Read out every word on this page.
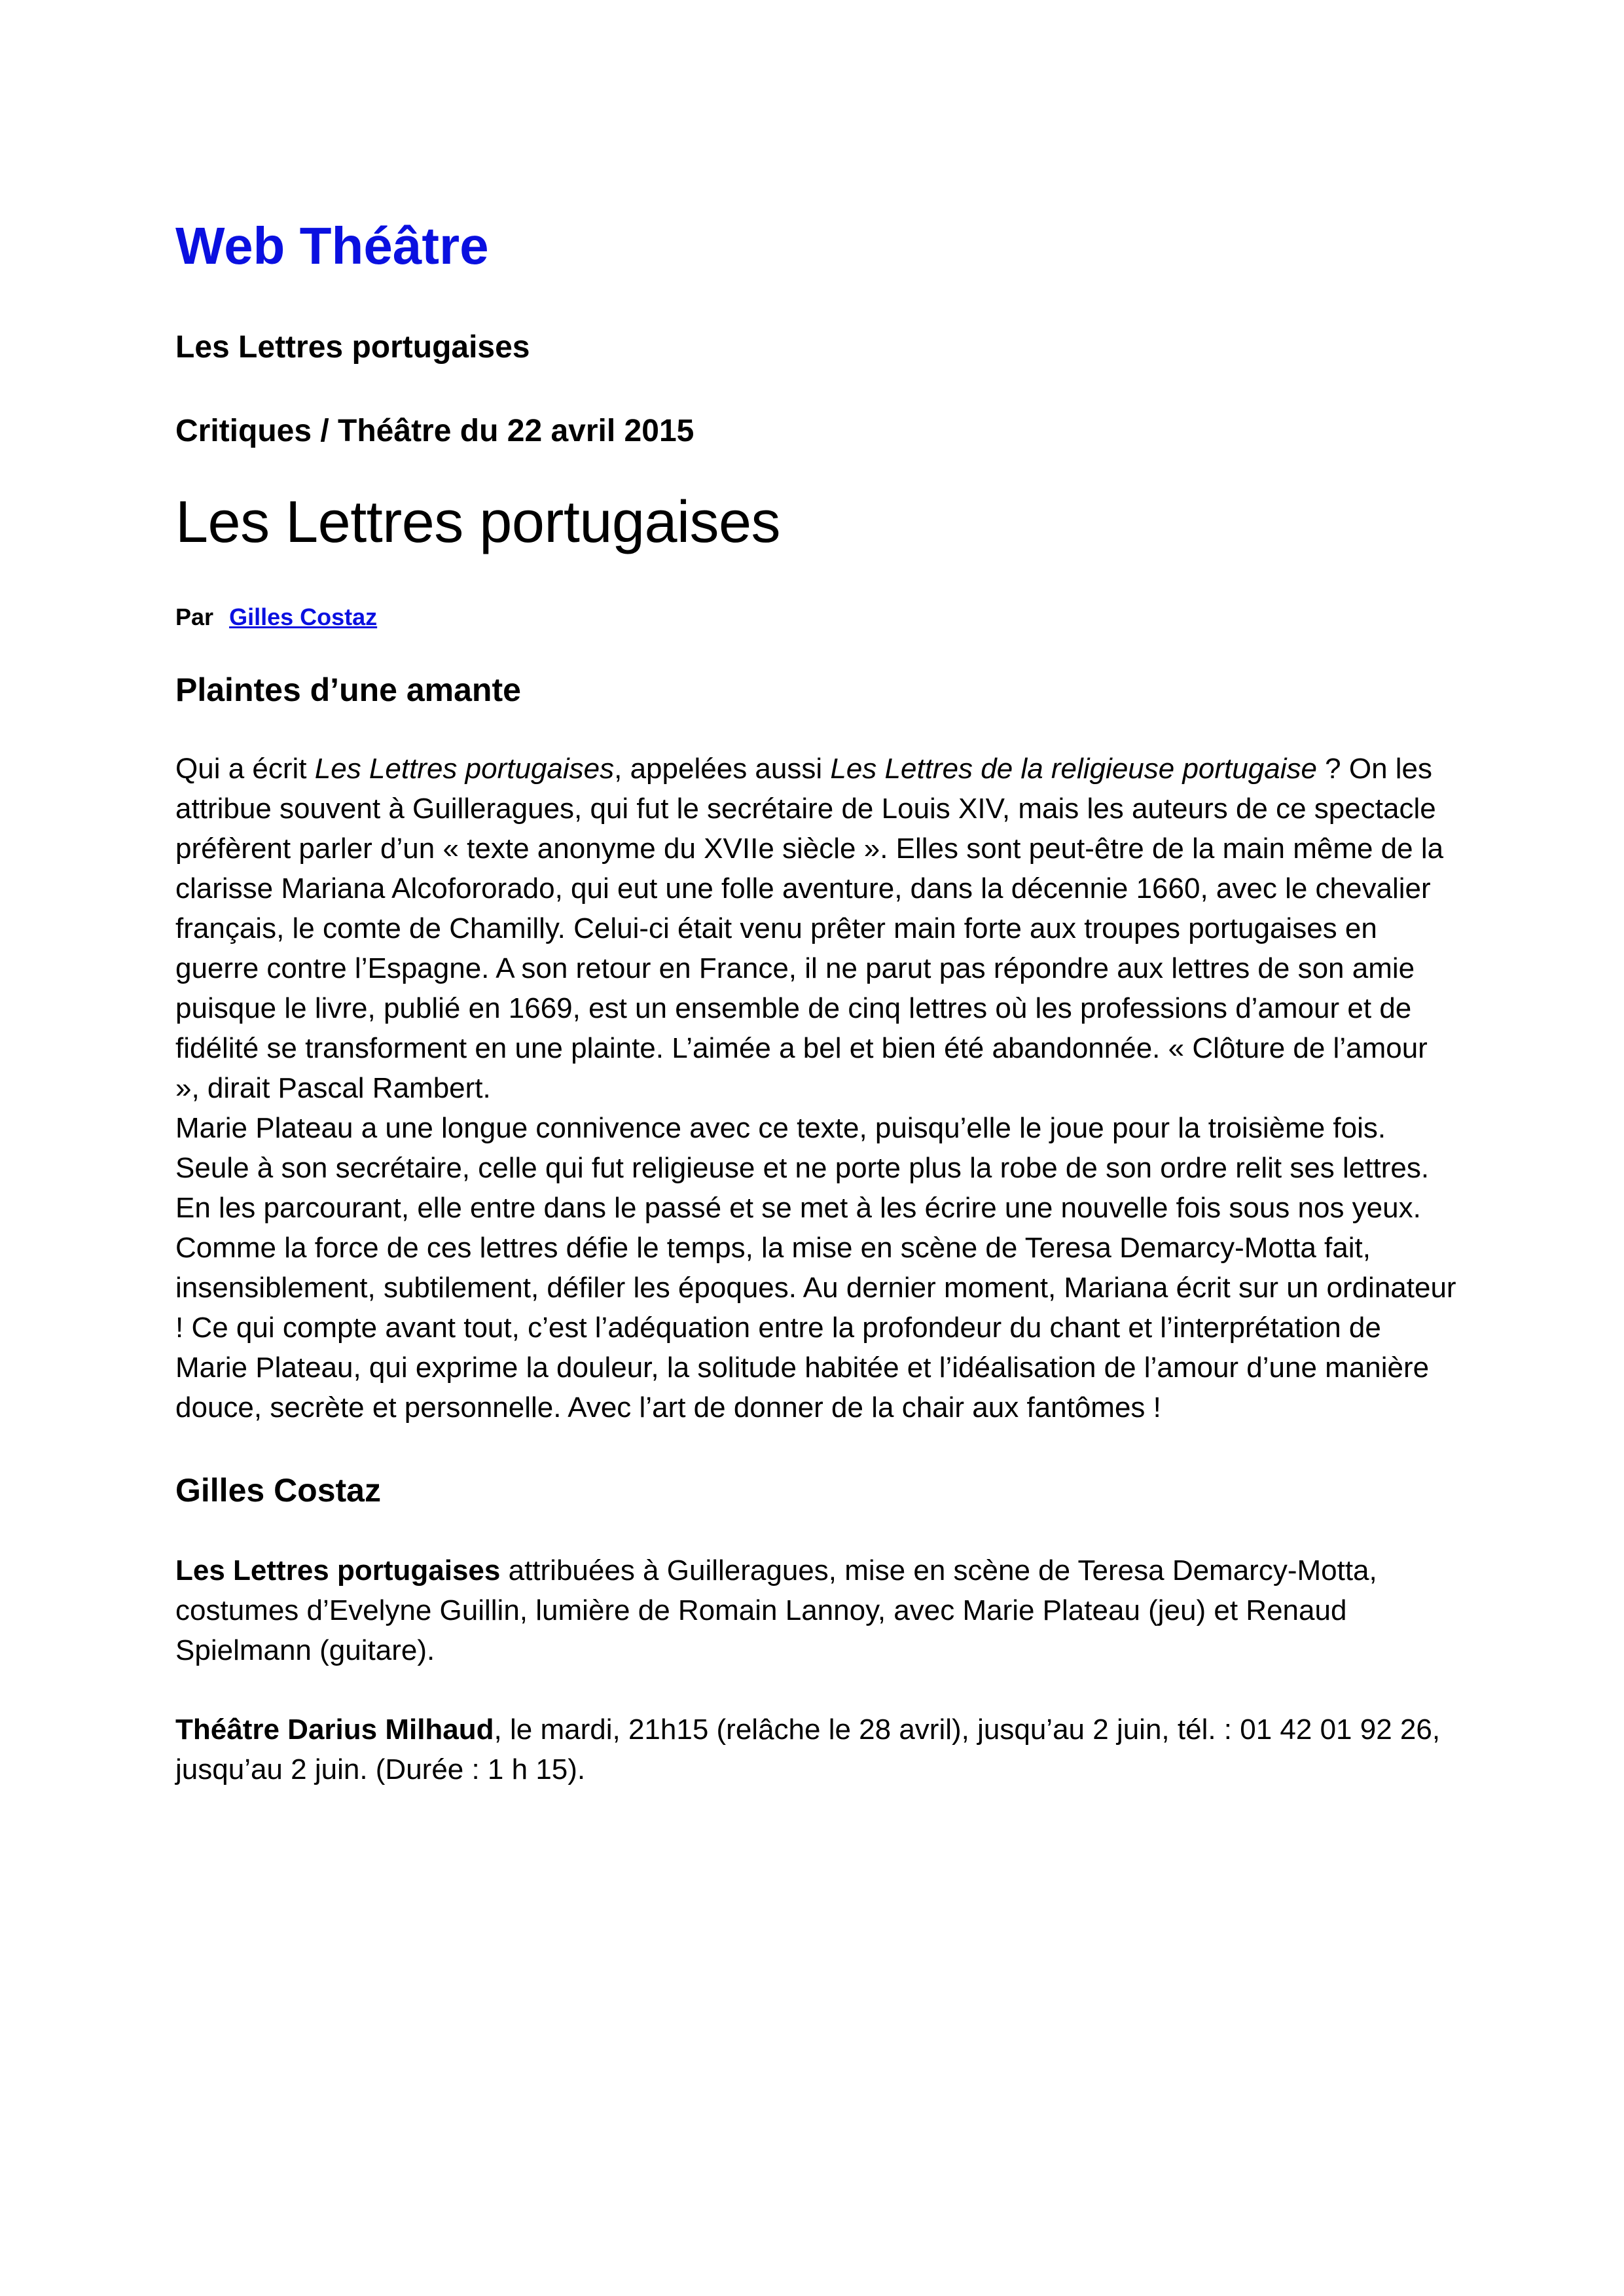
Web Théâtre
Les Lettres portugaises
Critiques / Théâtre du 22 avril 2015
Les Lettres portugaises
Par Gilles Costaz
Plaintes d’une amante

Qui a écrit Les Lettres portugaises, appelées aussi Les Lettres de la religieuse portugaise ? On les attribue souvent à Guilleragues, qui fut le secrétaire de Louis XIV, mais les auteurs de ce spectacle préfèrent parler d’un « texte anonyme du XVIIe siècle ». Elles sont peut-être de la main même de la clarisse Mariana Alcofororado, qui eut une folle aventure, dans la décennie 1660, avec le chevalier français, le comte de Chamilly. Celui-ci était venu prêter main forte aux troupes portugaises en guerre contre l’Espagne. A son retour en France, il ne parut pas répondre aux lettres de son amie puisque le livre, publié en 1669, est un ensemble de cinq lettres où les professions d’amour et de fidélité se transforment en une plainte. L’aimée a bel et bien été abandonnée. « Clôture de l’amour », dirait Pascal Rambert.

Marie Plateau a une longue connivence avec ce texte, puisqu’elle le joue pour la troisième fois. Seule à son secrétaire, celle qui fut religieuse et ne porte plus la robe de son ordre relit ses lettres. En les parcourant, elle entre dans le passé et se met à les écrire une nouvelle fois sous nos yeux. Comme la force de ces lettres défie le temps, la mise en scène de Teresa Demarcy-Motta fait, insensiblement, subtilement, défiler les époques. Au dernier moment, Mariana écrit sur un ordinateur ! Ce qui compte avant tout, c’est l’adéquation entre la profondeur du chant et l’interprétation de Marie Plateau, qui exprime la douleur, la solitude habitée et l’idéalisation de l’amour d’une manière douce, secrète et personnelle. Avec l’art de donner de la chair aux fantômes !

Gilles Costaz

Les Lettres portugaises attribuées à Guilleragues, mise en scène de Teresa Demarcy-Motta, costumes d’Evelyne Guillin, lumière de Romain Lannoy, avec Marie Plateau (jeu) et Renaud Spielmann (guitare).

Théâtre Darius Milhaud, le mardi, 21h15 (relâche le 28 avril), jusqu’au 2 juin, tél. : 01 42 01 92 26, jusqu’au 2 juin. (Durée : 1 h 15).
